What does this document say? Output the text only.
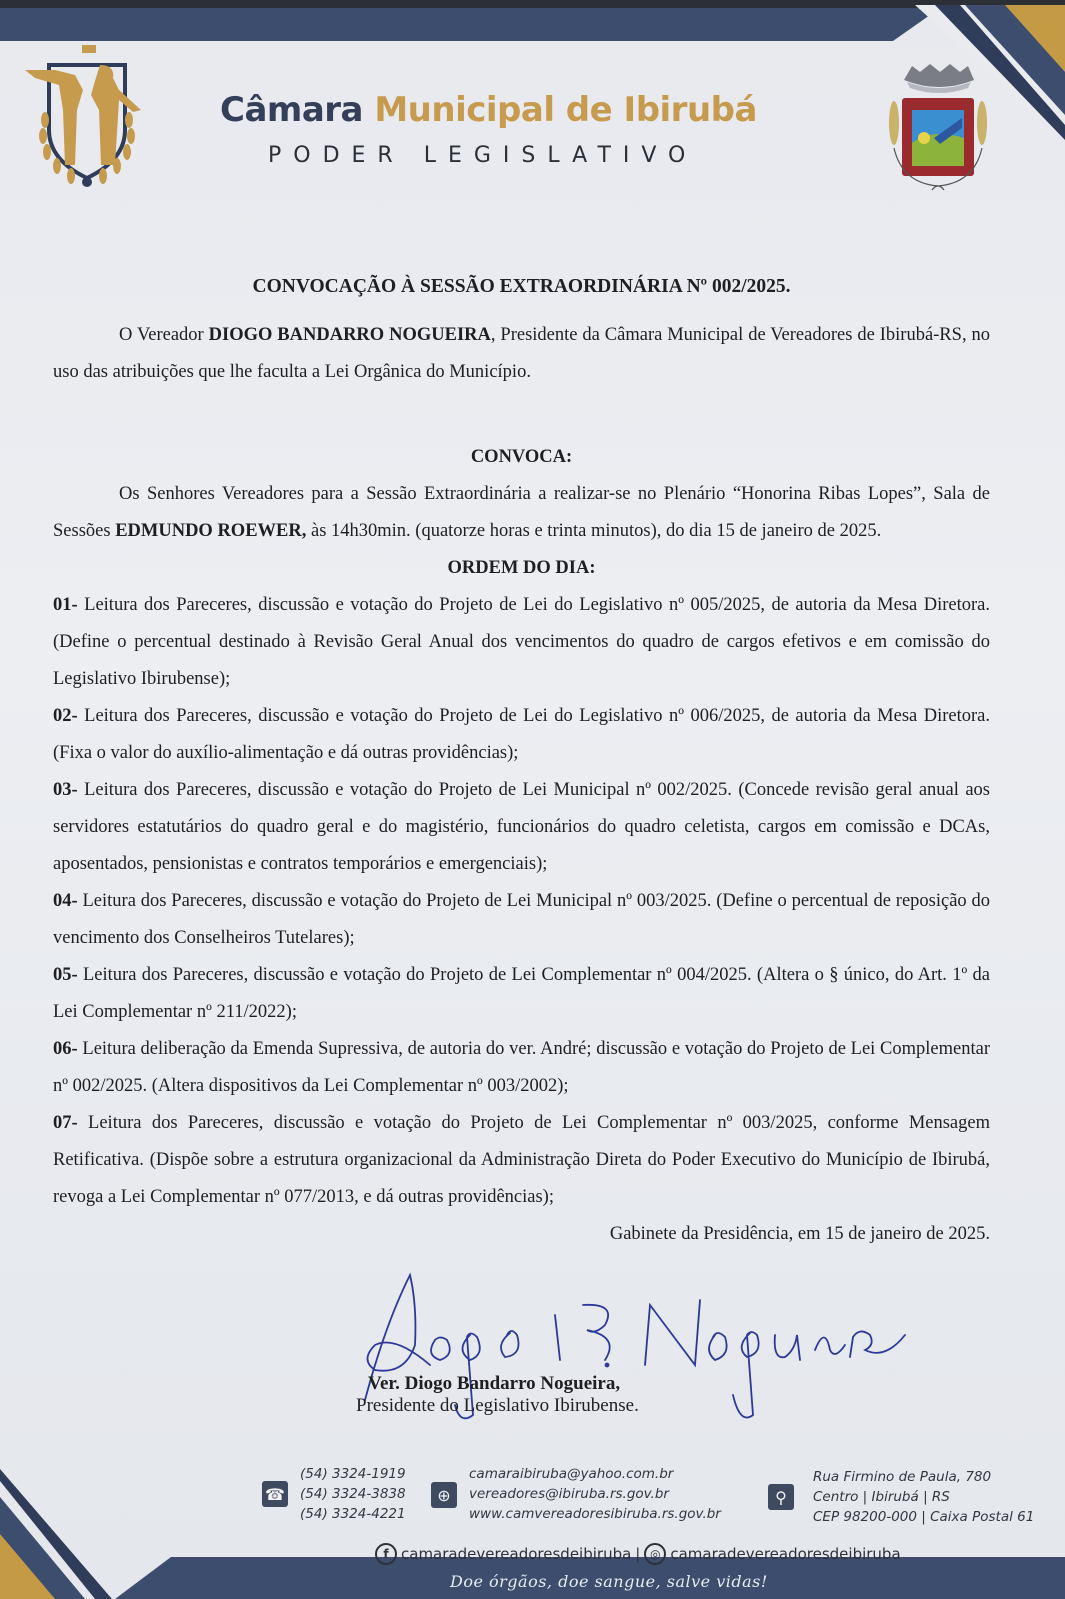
Câmara Municipal de Ibirubá
PODER LEGISLATIVO
CONVOCAÇÃO À SESSÃO EXTRAORDINÁRIA Nº 002/2025.

O Vereador DIOGO BANDARRO NOGUEIRA, Presidente da Câmara Municipal de Vereadores de Ibirubá-RS, no uso das atribuições que lhe faculta a Lei Orgânica do Município.

CONVOCA:

Os Senhores Vereadores para a Sessão Extraordinária a realizar-se no Plenário “Honorina Ribas Lopes”, Sala de Sessões EDMUNDO ROEWER, às 14h30min. (quatorze horas e trinta minutos), do dia 15 de janeiro de 2025.

ORDEM DO DIA:

01- Leitura dos Pareceres, discussão e votação do Projeto de Lei do Legislativo nº 005/2025, de autoria da Mesa Diretora. (Define o percentual destinado à Revisão Geral Anual dos vencimentos do quadro de cargos efetivos e em comissão do Legislativo Ibirubense);

02- Leitura dos Pareceres, discussão e votação do Projeto de Lei do Legislativo nº 006/2025, de autoria da Mesa Diretora. (Fixa o valor do auxílio-alimentação e dá outras providências);

03- Leitura dos Pareceres, discussão e votação do Projeto de Lei Municipal nº 002/2025. (Concede revisão geral anual aos servidores estatutários do quadro geral e do magistério, funcionários do quadro celetista, cargos em comissão e DCAs, aposentados, pensionistas e contratos temporários e emergenciais);

04- Leitura dos Pareceres, discussão e votação do Projeto de Lei Municipal nº 003/2025. (Define o percentual de reposição do vencimento dos Conselheiros Tutelares);

05- Leitura dos Pareceres, discussão e votação do Projeto de Lei Complementar nº 004/2025. (Altera o § único, do Art. 1º da Lei Complementar nº 211/2022);

06- Leitura deliberação da Emenda Supressiva, de autoria do ver. André; discussão e votação do Projeto de Lei Complementar nº 002/2025. (Altera dispositivos da Lei Complementar nº 003/2002);

07- Leitura dos Pareceres, discussão e votação do Projeto de Lei Complementar nº 003/2025, conforme Mensagem Retificativa. (Dispõe sobre a estrutura organizacional da Administração Direta do Poder Executivo do Município de Ibirubá, revoga a Lei Complementar nº 077/2013, e dá outras providências);

Gabinete da Presidência, em 15 de janeiro de 2025.
Ver. Diogo Bandarro Nogueira,
Presidente do Legislativo Ibirubense.
☎
(54) 3324-1919
(54) 3324-3838
(54) 3324-4221
⊕
camaraibiruba@yahoo.com.br
vereadores@ibiruba.rs.gov.br
www.camvereadoresibiruba.rs.gov.br
⚲
Rua Firmino de Paula, 780
Centro | Ibirubá | RS
CEP 98200-000 | Caixa Postal 61
f camaradevereadoresdeibiruba | ◎ camaradevereadoresdeibiruba
Doe órgãos, doe sangue, salve vidas!
